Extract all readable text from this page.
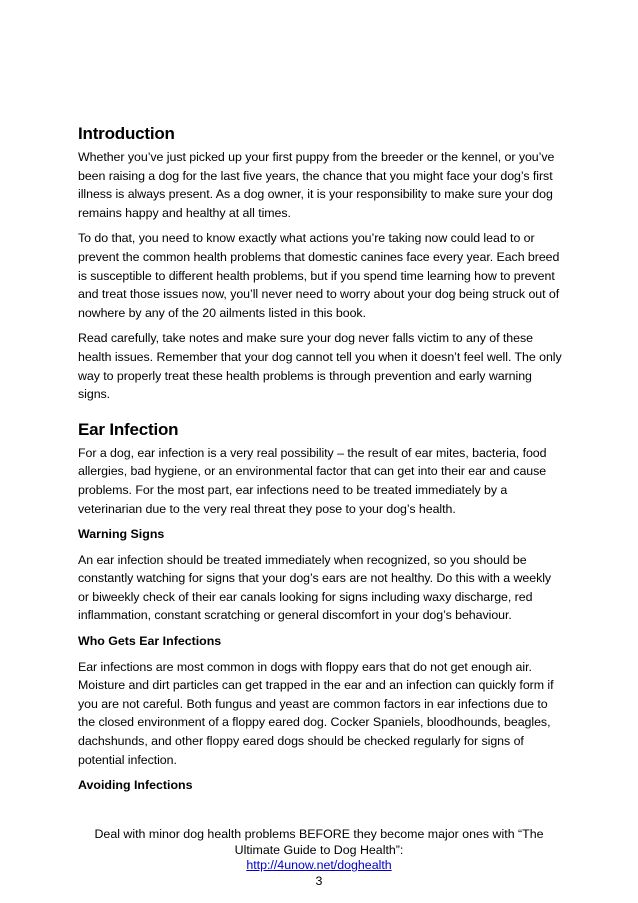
Introduction

Whether you’ve just picked up your first puppy from the breeder or the kennel, or you’ve been raising a dog for the last five years, the chance that you might face your dog’s first illness is always present. As a dog owner, it is your responsibility to make sure your dog remains happy and healthy at all times.

To do that, you need to know exactly what actions you’re taking now could lead to or prevent the common health problems that domestic canines face every year. Each breed is susceptible to different health problems, but if you spend time learning how to prevent and treat those issues now, you’ll never need to worry about your dog being struck out of nowhere by any of the 20 ailments listed in this book.

Read carefully, take notes and make sure your dog never falls victim to any of these health issues. Remember that your dog cannot tell you when it doesn’t feel well. The only way to properly treat these health problems is through prevention and early warning signs.

Ear Infection

For a dog, ear infection is a very real possibility – the result of ear mites, bacteria, food allergies, bad hygiene, or an environmental factor that can get into their ear and cause problems. For the most part, ear infections need to be treated immediately by a veterinarian due to the very real threat they pose to your dog’s health.

Warning Signs

An ear infection should be treated immediately when recognized, so you should be constantly watching for signs that your dog’s ears are not healthy. Do this with a weekly or biweekly check of their ear canals looking for signs including waxy discharge, red inflammation, constant scratching or general discomfort in your dog’s behaviour.

Who Gets Ear Infections

Ear infections are most common in dogs with floppy ears that do not get enough air. Moisture and dirt particles can get trapped in the ear and an infection can quickly form if you are not careful. Both fungus and yeast are common factors in ear infections due to the closed environment of a floppy eared dog. Cocker Spaniels, bloodhounds, beagles, dachshunds, and other floppy eared dogs should be checked regularly for signs of potential infection.

Avoiding Infections
Deal with minor dog health problems BEFORE they become major ones with “The
Ultimate Guide to Dog Health”:
http://4unow.net/doghealth
3
